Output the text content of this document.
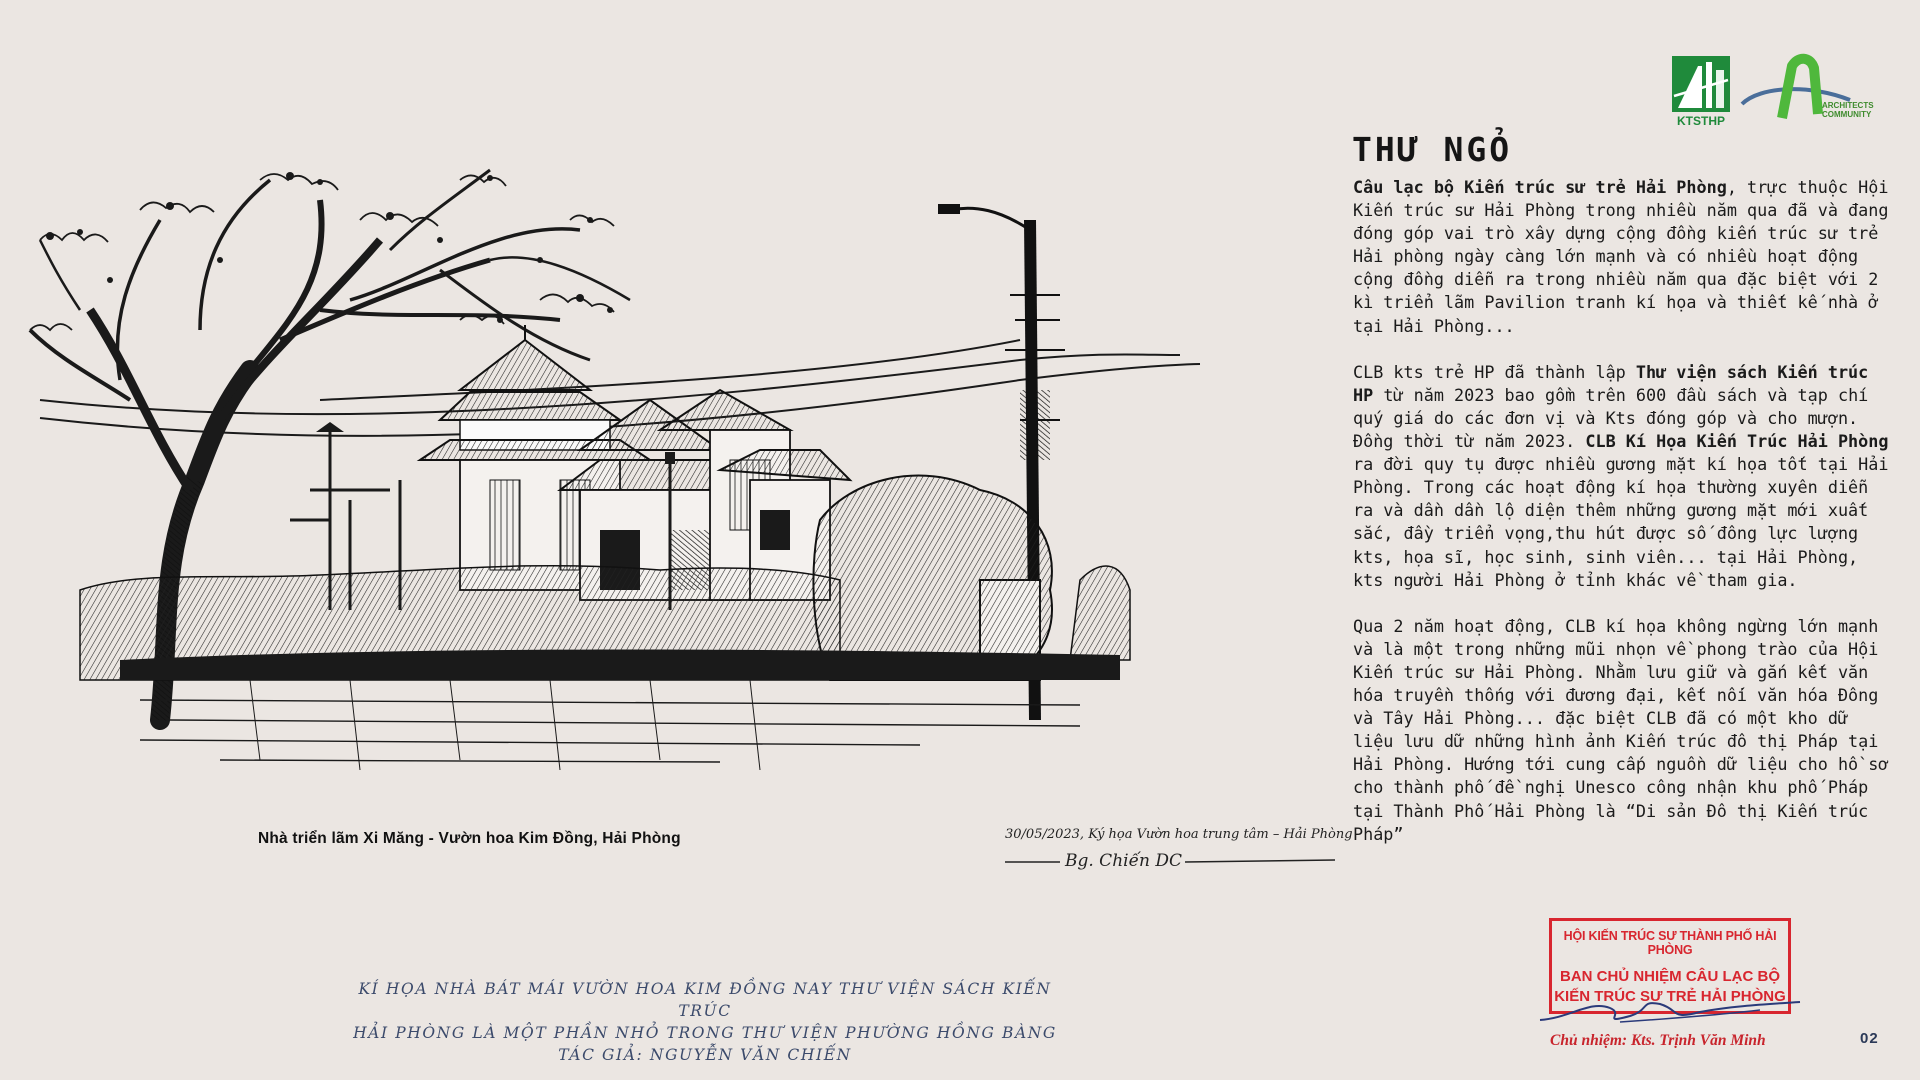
KTSTHP
ARCHITECTS
COMMUNITY
Nhà triển lãm Xi Măng - Vườn hoa Kim Đồng, Hải Phòng	30/05/2023, Ký họa Vườn hoa trung tâm – Hải Phòng
Bg. Chiến DC
KÍ HỌA NHÀ BÁT MÁI VƯỜN HOA KIM ĐỒNG NAY THƯ VIỆN SÁCH KIẾN TRÚC
HẢI PHÒNG LÀ MỘT PHẦN NHỎ TRONG THƯ VIỆN PHƯỜNG HỒNG BÀNG
TÁC GIẢ: NGUYỄN VĂN CHIẾN
THƯ NGỎ

Câu lạc bộ Kiến trúc sư trẻ Hải Phòng, trực thuộc Hội Kiến trúc sư Hải Phòng trong nhiều năm qua đã và đang đóng góp vai trò xây dựng cộng đồng kiến trúc sư trẻ Hải phòng ngày càng lớn mạnh và có nhiều hoạt động cộng đồng diễn ra trong nhiều năm qua đặc biệt với 2 kì triển lãm Pavilion tranh kí họa và thiết kế nhà ở tại Hải Phòng...

CLB kts trẻ HP đã thành lập Thư viện sách Kiến trúc HP từ năm 2023 bao gồm trên 600 đầu sách và tạp chí quý giá do các đơn vị và Kts đóng góp và cho mượn.

Đồng thời từ năm 2023. CLB Kí Họa Kiến Trúc Hải Phòng ra đời quy tụ được nhiều gương mặt kí họa tốt tại Hải Phòng. Trong các hoạt động kí họa thường xuyên diễn ra và dần dần lộ diện thêm những gương mặt mới xuất sắc, đầy triển vọng,thu hút được số đông lực lượng kts, họa sĩ, học sinh, sinh viên... tại Hải Phòng, kts người Hải Phòng ở tỉnh khác về tham gia.

Qua 2 năm hoạt động, CLB kí họa không ngừng lớn mạnh và là một trong những mũi nhọn về phong trào của Hội Kiến trúc sư Hải Phòng. Nhằm lưu giữ và gắn kết văn hóa truyền thống với đương đại, kết nối văn hóa Đông và Tây Hải Phòng... đặc biệt CLB đã có một kho dữ liệu lưu dữ những hình ảnh Kiến trúc đô thị Pháp tại Hải Phòng. Hướng tới cung cấp nguồn dữ liệu cho hồ sơ cho thành phố đề nghị Unesco công nhận khu phố Pháp tại Thành Phố Hải Phòng là “Di sản Đô thị Kiến trúc Pháp”

HỘI KIẾN TRÚC SƯ THÀNH PHỐ HẢI PHÒNG
BAN CHỦ NHIỆM CÂU LẠC BỘ
KIẾN TRÚC SƯ TRẺ HẢI PHÒNG
Chủ nhiệm: Kts. Trịnh Văn Minh	02
